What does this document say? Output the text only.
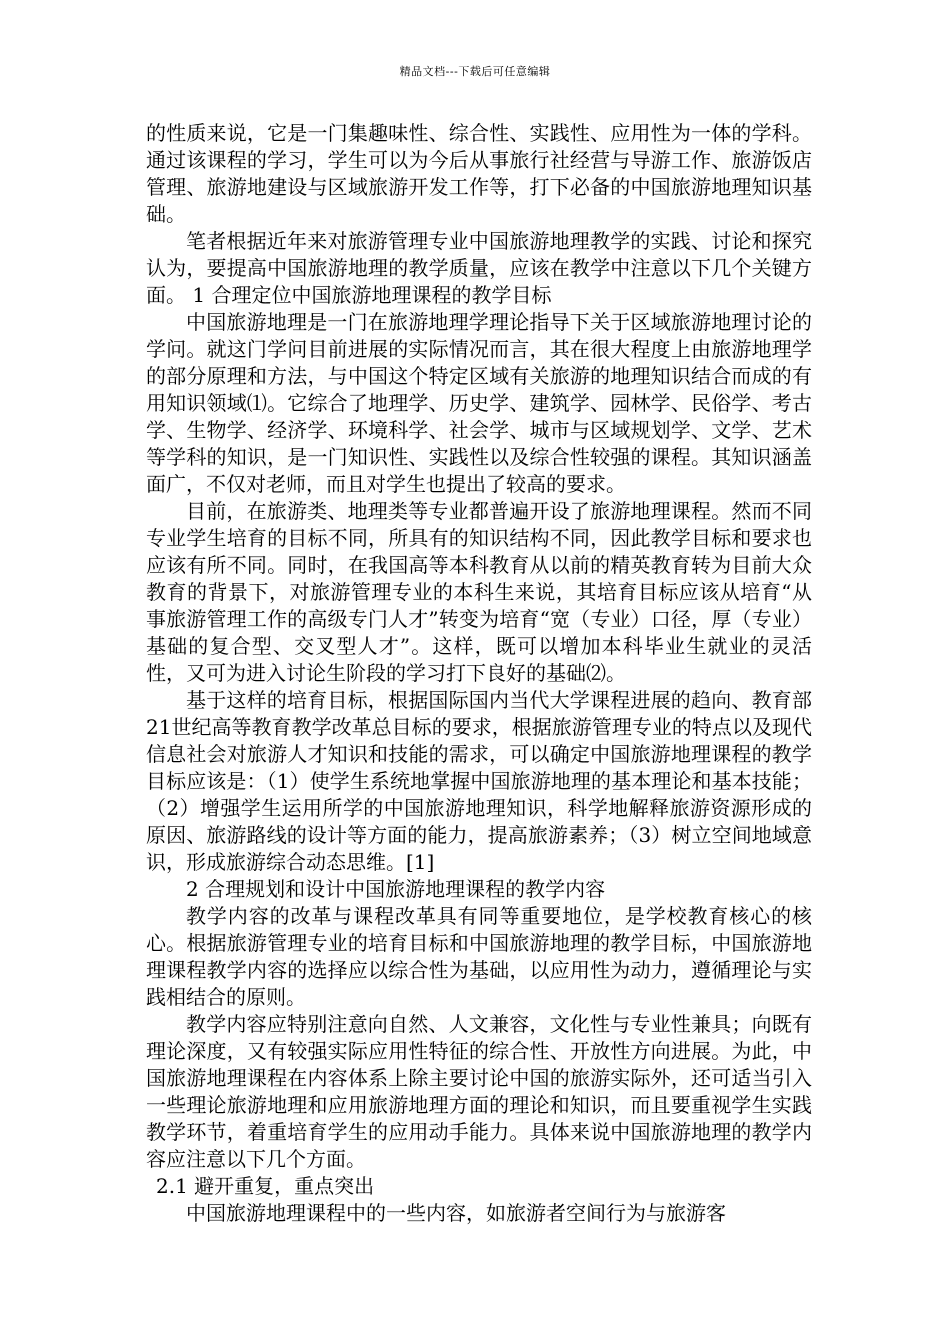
精品文档---下载后可任意编辑

的性质来说，它是一门集趣味性、综合性、实践性、应用性为一体的学科。通过该课程的学习，学生可以为今后从事旅行社经营与导游工作、旅游饭店管理、旅游地建设与区域旅游开发工作等，打下必备的中国旅游地理知识基础。

笔者根据近年来对旅游管理专业中国旅游地理教学的实践、讨论和探究认为，要提高中国旅游地理的教学质量，应该在教学中注意以下几个关键方面。 1 合理定位中国旅游地理课程的教学目标

中国旅游地理是一门在旅游地理学理论指导下关于区域旅游地理讨论的学问。就这门学问目前进展的实际情况而言，其在很大程度上由旅游地理学的部分原理和方法，与中国这个特定区域有关旅游的地理知识结合而成的有用知识领域⑴。它综合了地理学、历史学、建筑学、园林学、民俗学、考古学、生物学、经济学、环境科学、社会学、城市与区域规划学、文学、艺术等学科的知识，是一门知识性、实践性以及综合性较强的课程。其知识涵盖面广，不仅对老师，而且对学生也提出了较高的要求。

目前，在旅游类、地理类等专业都普遍开设了旅游地理课程。然而不同专业学生培育的目标不同，所具有的知识结构不同，因此教学目标和要求也应该有所不同。同时，在我国高等本科教育从以前的精英教育转为目前大众教育的背景下，对旅游管理专业的本科生来说，其培育目标应该从培育“从事旅游管理工作的高级专门人才”转变为培育“宽（专业）口径，厚（专业）基础的复合型、交叉型人才”。这样，既可以增加本科毕业生就业的灵活性，又可为进入讨论生阶段的学习打下良好的基础⑵。

基于这样的培育目标，根据国际国内当代大学课程进展的趋向、教育部21世纪高等教育教学改革总目标的要求，根据旅游管理专业的特点以及现代信息社会对旅游人才知识和技能的需求，可以确定中国旅游地理课程的教学目标应该是：（1）使学生系统地掌握中国旅游地理的基本理论和基本技能；（2）增强学生运用所学的中国旅游地理知识，科学地解释旅游资源形成的原因、旅游路线的设计等方面的能力，提高旅游素养；（3）树立空间地域意识，形成旅游综合动态思维。[1]

2 合理规划和设计中国旅游地理课程的教学内容

教学内容的改革与课程改革具有同等重要地位，是学校教育核心的核心。根据旅游管理专业的培育目标和中国旅游地理的教学目标，中国旅游地理课程教学内容的选择应以综合性为基础，以应用性为动力，遵循理论与实践相结合的原则。

教学内容应特别注意向自然、人文兼容，文化性与专业性兼具；向既有理论深度，又有较强实际应用性特征的综合性、开放性方向进展。为此，中国旅游地理课程在内容体系上除主要讨论中国的旅游实际外，还可适当引入一些理论旅游地理和应用旅游地理方面的理论和知识，而且要重视学生实践教学环节，着重培育学生的应用动手能力。具体来说中国旅游地理的教学内容应注意以下几个方面。

2.1 避开重复，重点突出

中国旅游地理课程中的一些内容，如旅游者空间行为与旅游客
